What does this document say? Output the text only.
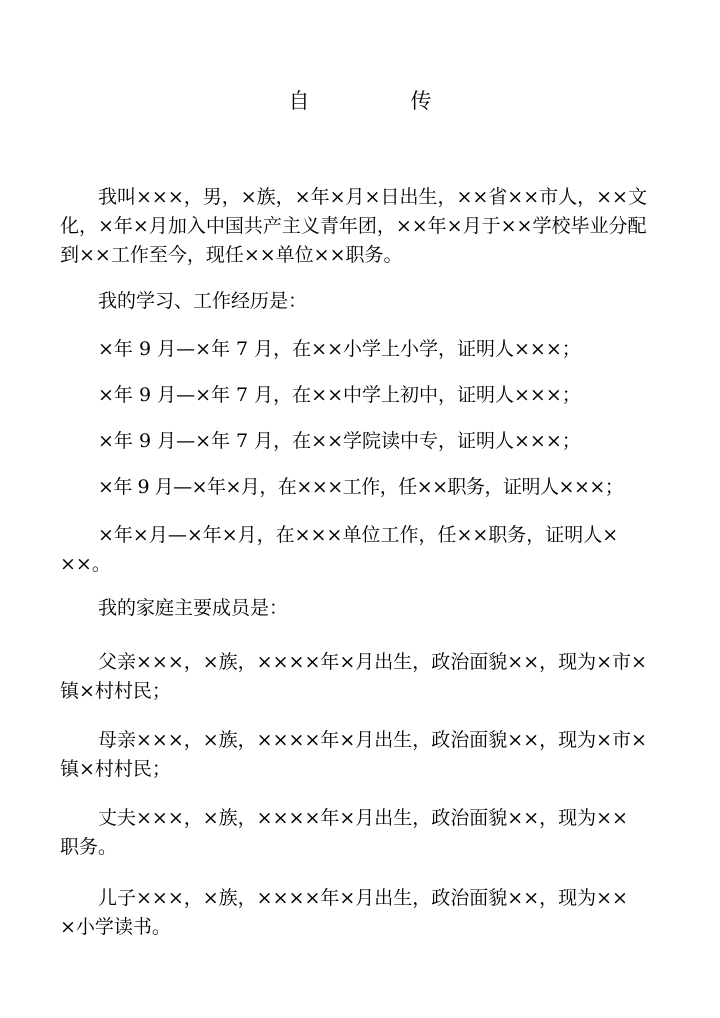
自　传

我叫×××，男，×族，×年×月×日出生，××省××市人，××文化，×年×月加入中国共产主义青年团，××年×月于××学校毕业分配到××工作至今，现任××单位××职务。

我的学习、工作经历是：

×年 9 月—×年 7 月，在××小学上小学，证明人×××；

×年 9 月—×年 7 月，在××中学上初中，证明人×××；

×年 9 月—×年 7 月，在××学院读中专，证明人×××；

×年 9 月—×年×月，在×××工作，任××职务，证明人×××；

×年×月—×年×月，在×××单位工作，任××职务，证明人×××。

我的家庭主要成员是：

父亲×××，×族，××××年×月出生，政治面貌××，现为×市×镇×村村民；

母亲×××，×族，××××年×月出生，政治面貌××，现为×市×镇×村村民；

丈夫×××，×族，××××年×月出生，政治面貌××，现为××职务。

儿子×××，×族，××××年×月出生，政治面貌××，现为×××小学读书。
